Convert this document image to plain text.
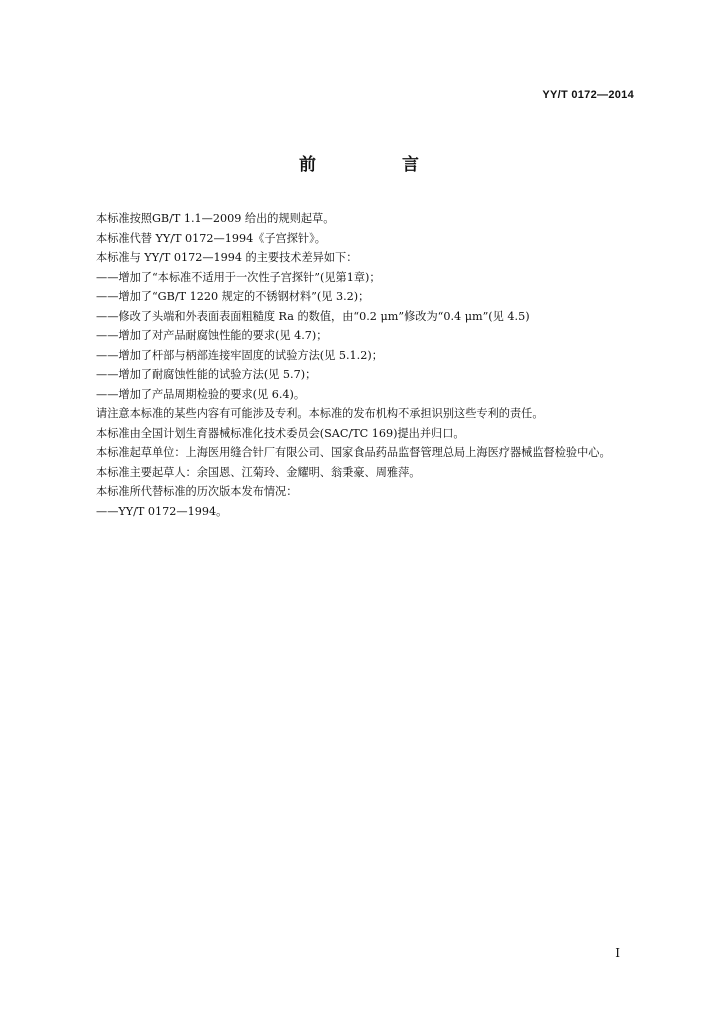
YY/T 0172—2014
前 言

本标准按照GB/T 1.1—2009 给出的规则起草。

本标准代替 YY/T 0172—1994《子宫探针》。

本标准与 YY/T 0172—1994 的主要技术差异如下：

——增加了“本标准不适用于一次性子宫探针”(见第1章)；

——增加了“GB/T 1220 规定的不锈钢材料”(见 3.2)；

——修改了头端和外表面表面粗糙度 Ra 的数值，由“0.2 μm”修改为“0.4 μm”(见 4.5)

——增加了对产品耐腐蚀性能的要求(见 4.7)；

——增加了杆部与柄部连接牢固度的试验方法(见 5.1.2)；

——增加了耐腐蚀性能的试验方法(见 5.7)；

——增加了产品周期检验的要求(见 6.4)。

请注意本标准的某些内容有可能涉及专利。本标准的发布机构不承担识别这些专利的责任。

本标准由全国计划生育器械标准化技术委员会(SAC/TC 169)提出并归口。

本标准起草单位：上海医用缝合针厂有限公司、国家食品药品监督管理总局上海医疗器械监督检验中心。

本标准主要起草人：余国恩、江菊玲、金耀明、翁秉豪、周雅萍。

本标准所代替标准的历次版本发布情况：

——YY/T 0172—1994。

I
